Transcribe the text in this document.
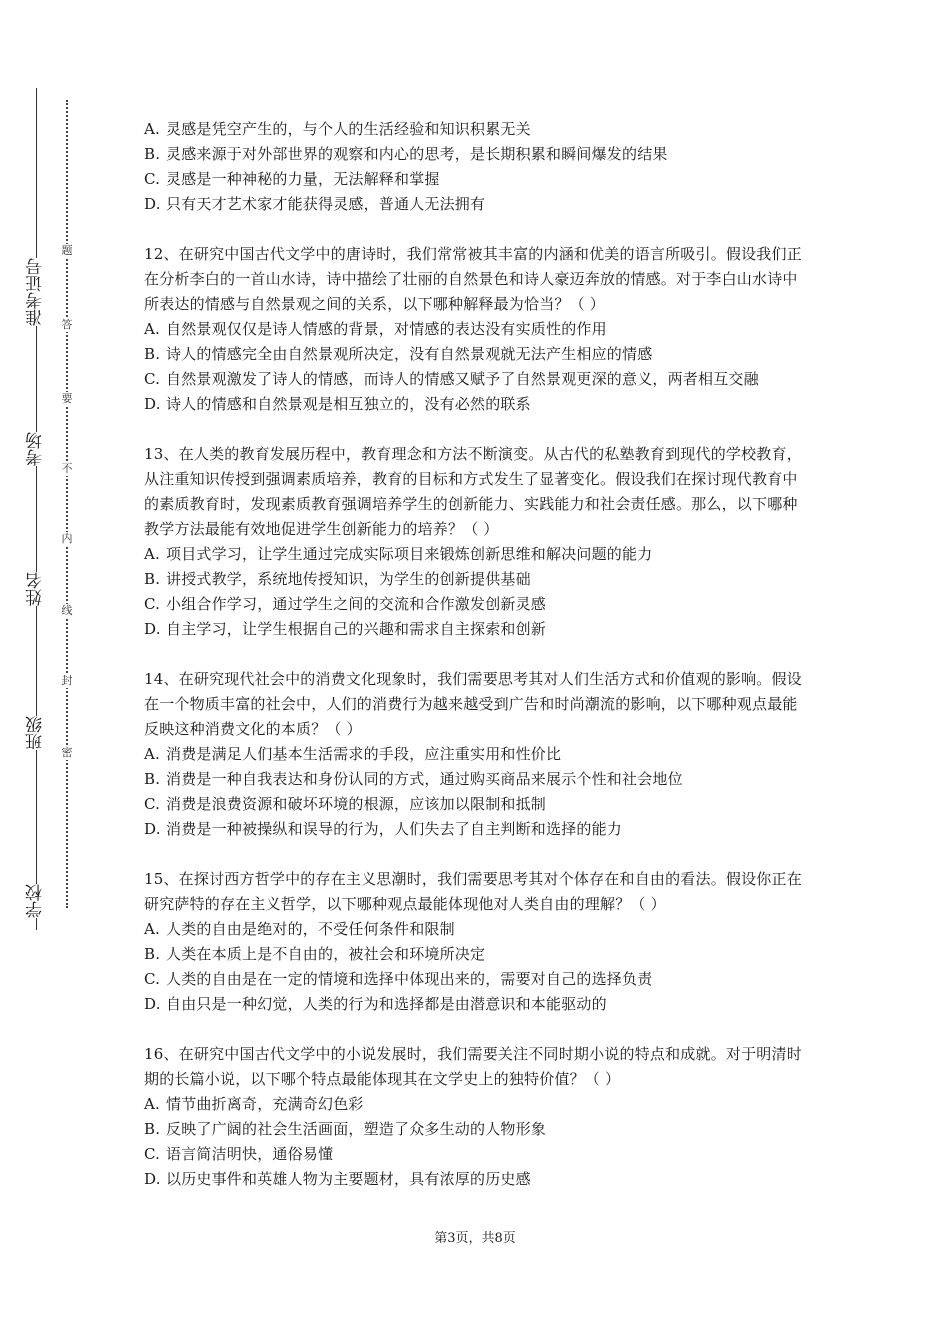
准考证号
考场
姓名
班级
学校
题
答
要
不
内
线
封
密
A. 灵感是凭空产生的，与个人的生活经验和知识积累无关
B. 灵感来源于对外部世界的观察和内心的思考，是长期积累和瞬间爆发的结果
C. 灵感是一种神秘的力量，无法解释和掌握
D. 只有天才艺术家才能获得灵感，普通人无法拥有

12、在研究中国古代文学中的唐诗时，我们常常被其丰富的内涵和优美的语言所吸引。假设我们正在分析李白的一首山水诗，诗中描绘了壮丽的自然景色和诗人豪迈奔放的情感。对于李白山水诗中所表达的情感与自然景观之间的关系，以下哪种解释最为恰当？（ ）

A. 自然景观仅仅是诗人情感的背景，对情感的表达没有实质性的作用
B. 诗人的情感完全由自然景观所决定，没有自然景观就无法产生相应的情感
C. 自然景观激发了诗人的情感，而诗人的情感又赋予了自然景观更深的意义，两者相互交融
D. 诗人的情感和自然景观是相互独立的，没有必然的联系

13、在人类的教育发展历程中，教育理念和方法不断演变。从古代的私塾教育到现代的学校教育，从注重知识传授到强调素质培养，教育的目标和方式发生了显著变化。假设我们在探讨现代教育中的素质教育时，发现素质教育强调培养学生的创新能力、实践能力和社会责任感。那么，以下哪种教学方法最能有效地促进学生创新能力的培养？（ ）

A. 项目式学习，让学生通过完成实际项目来锻炼创新思维和解决问题的能力
B. 讲授式教学，系统地传授知识，为学生的创新提供基础
C. 小组合作学习，通过学生之间的交流和合作激发创新灵感
D. 自主学习，让学生根据自己的兴趣和需求自主探索和创新

14、在研究现代社会中的消费文化现象时，我们需要思考其对人们生活方式和价值观的影响。假设在一个物质丰富的社会中，人们的消费行为越来越受到广告和时尚潮流的影响，以下哪种观点最能反映这种消费文化的本质？（ ）

A. 消费是满足人们基本生活需求的手段，应注重实用和性价比
B. 消费是一种自我表达和身份认同的方式，通过购买商品来展示个性和社会地位
C. 消费是浪费资源和破坏环境的根源，应该加以限制和抵制
D. 消费是一种被操纵和误导的行为，人们失去了自主判断和选择的能力

15、在探讨西方哲学中的存在主义思潮时，我们需要思考其对个体存在和自由的看法。假设你正在研究萨特的存在主义哲学，以下哪种观点最能体现他对人类自由的理解？（ ）

A. 人类的自由是绝对的，不受任何条件和限制
B. 人类在本质上是不自由的，被社会和环境所决定
C. 人类的自由是在一定的情境和选择中体现出来的，需要对自己的选择负责
D. 自由只是一种幻觉，人类的行为和选择都是由潜意识和本能驱动的

16、在研究中国古代文学中的小说发展时，我们需要关注不同时期小说的特点和成就。对于明清时期的长篇小说，以下哪个特点最能体现其在文学史上的独特价值？（ ）

A. 情节曲折离奇，充满奇幻色彩
B. 反映了广阔的社会生活画面，塑造了众多生动的人物形象
C. 语言简洁明快，通俗易懂
D. 以历史事件和英雄人物为主要题材，具有浓厚的历史感
第3页，共8页
